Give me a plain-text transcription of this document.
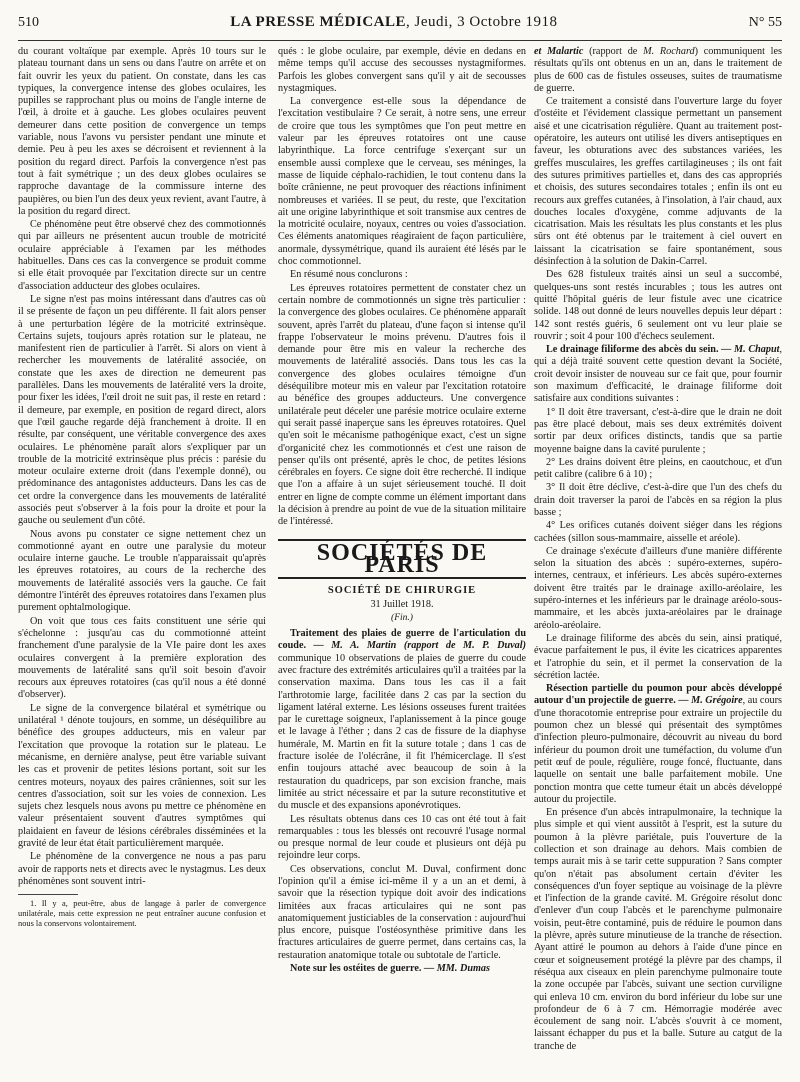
510	LA PRESSE MÉDICALE, Jeudi, 3 Octobre 1918	N° 55

du courant voltaïque par exemple. Après 10 tours sur le plateau tournant dans un sens ou dans l'autre on arrête et on fait ouvrir les yeux du patient. On constate, dans les cas typiques, la convergence intense des globes oculaires, les pupilles se rapprochant plus ou moins de l'angle interne de l'œil, à droite et à gauche. Les globes oculaires peuvent demeurer dans cette position de convergence un temps variable, nous l'avons vu persister pendant une minute et demie. Peu à peu les axes se décroisent et reviennent à la position du regard direct. Parfois la convergence n'est pas tout à fait symétrique ; un des deux globes oculaires se rapproche davantage de la commissure interne des paupières, ou bien l'un des deux yeux revient, avant l'autre, à la position du regard direct.

Ce phénomène peut être observé chez des commotionnés qui par ailleurs ne présentent aucun trouble de motricité oculaire appréciable à l'examen par les méthodes habituelles. Dans ces cas la convergence se produit comme si elle était provoquée par l'excitation directe sur un centre d'association adducteur des globes oculaires.

Le signe n'est pas moins intéressant dans d'autres cas où il se présente de façon un peu différente. Il fait alors penser à une perturbation légère de la motricité extrinsèque. Certains sujets, toujours après rotation sur le plateau, ne manifestent rien de particulier à l'arrêt. Si alors on vient à rechercher les mouvements de latéralité associée, on constate que les axes de direction ne demeurent pas parallèles. Dans les mouvements de latéralité vers la droite, pour fixer les idées, l'œil droit ne suit pas, il reste en retard : il demeure, par exemple, en position de regard direct, alors que l'œil gauche regarde déjà franchement à droite. Il en résulte, par conséquent, une véritable convergence des axes oculaires. Le phénomène paraît alors s'expliquer par un trouble de la motricité extrinsèque plus précis : parésie du moteur oculaire externe droit (dans l'exemple donné), ou prédominance des antagonistes adducteurs. Dans les cas de cet ordre la convergence dans les mouvements de latéralité associés peut s'observer à la fois pour la droite et pour la gauche ou seulement d'un côté.

Nous avons pu constater ce signe nettement chez un commotionné ayant en outre une paralysie du moteur oculaire interne gauche. Le trouble n'apparaissait qu'après les épreuves rotatoires, au cours de la recherche des mouvements de latéralité associés vers la gauche. Ce fait démontre l'intérêt des épreuves rotatoires dans l'examen plus purement ophtalmologique.

On voit que tous ces faits constituent une série qui s'échelonne : jusqu'au cas du commotionné atteint franchement d'une paralysie de la VIe paire dont les axes oculaires convergent à la première exploration des mouvements de latéralité sans qu'il soit besoin d'avoir recours aux épreuves rotatoires (cas qu'il nous a été donné d'observer).

Le signe de la convergence bilatéral et symétrique ou unilatéral ¹ dénote toujours, en somme, un déséquilibre au bénéfice des groupes adducteurs, mis en valeur par l'excitation que provoque la rotation sur le plateau. Le mécanisme, en dernière analyse, peut être variable suivant les cas et provenir de petites lésions portant, soit sur les centres moteurs, noyaux des paires crâniennes, soit sur les centres d'association, soit sur les voies de connexion. Les sujets chez lesquels nous avons pu mettre ce phénomène en valeur présentaient souvent d'autres symptômes qui plaidaient en faveur de lésions cérébrales disséminées et la gravité de leur état était particulièrement marquée.

Le phénomène de la convergence ne nous a pas paru avoir de rapports nets et directs avec le nystagmus. Les deux phénomènes sont souvent intri-

1. Il y a, peut-être, abus de langage à parler de convergence unilatérale, mais cette expression ne peut entraîner aucune confusion et nous la conservons volontairement.

qués : le globe oculaire, par exemple, dévie en dedans en même temps qu'il accuse des secousses nystagmiformes. Parfois les globes convergent sans qu'il y ait de secousses nystagmiques.

La convergence est-elle sous la dépendance de l'excitation vestibulaire ? Ce serait, à notre sens, une erreur de croire que tous les symptômes que l'on peut mettre en valeur par les épreuves rotatoires ont une cause labyrinthique. La force centrifuge s'exerçant sur un ensemble aussi complexe que le cerveau, ses méninges, la masse de liquide céphalo-rachidien, le tout contenu dans la boîte crânienne, ne peut provoquer des réactions infiniment nombreuses et variées. Il se peut, du reste, que l'excitation ait une origine labyrinthique et soit transmise aux centres de la motricité oculaire, noyaux, centres ou voies d'association. Ces éléments anatomiques réagiraient de façon particulière, anormale, dyssymétrique, quand ils auraient été lésés par le choc commotionnel.

En résumé nous conclurons :

Les épreuves rotatoires permettent de constater chez un certain nombre de commotionnés un signe très particulier : la convergence des globes oculaires. Ce phénomène apparaît souvent, après l'arrêt du plateau, d'une façon si intense qu'il frappe l'observateur le moins prévenu. D'autres fois il demande pour être mis en valeur la recherche des mouvements de latéralité associés. Dans tous les cas la convergence des globes oculaires témoigne d'un déséquilibre moteur mis en valeur par l'excitation rotatoire au bénéfice des groupes adducteurs. Une convergence unilatérale peut déceler une parésie motrice oculaire externe qui serait passé inaperçue sans les épreuves rotatoires. Quel qu'en soit le mécanisme pathogénique exact, c'est un signe d'organicité chez les commotionnés et c'est une raison de penser qu'ils ont présenté, après le choc, de petites lésions cérébrales en foyers. Ce signe doit être recherché. Il indique que l'on a affaire à un sujet sérieusement touché. Il doit entrer en ligne de compte comme un élément important dans la décision à prendre au point de vue de la situation militaire de l'intéressé.

SOCIÉTÉS DE PARIS
SOCIÉTÉ DE CHIRURGIE
31 Juillet 1918.
(Fin.)

Traitement des plaies de guerre de l'articulation du coude. — M. A. Martin (rapport de M. P. Duval) communique 10 observations de plaies de guerre du coude avec fracture des extrémités articulaires qu'il a traitées par la conservation maxima. Dans tous les cas il a fait l'arthrotomie large, facilitée dans 2 cas par la section du ligament latéral externe. Les lésions osseuses furent traitées par le curettage soigneux, l'aplanissement à la pince gouge et le lavage à l'éther ; dans 2 cas de fissure de la diaphyse humérale, M. Martin en fit la suture totale ; dans 1 cas de fracture isolée de l'olécrâne, il fit l'hémicerclage. Il s'est enfin toujours attaché avec beaucoup de soin à la restauration du quadriceps, par son excision franche, mais limitée au strict nécessaire et par la suture reconstitutive et du muscle et des expansions aponévrotiques.

Les résultats obtenus dans ces 10 cas ont été tout à fait remarquables : tous les blessés ont recouvré l'usage normal ou presque normal de leur coude et plusieurs ont déjà pu rejoindre leur corps.

Ces observations, conclut M. Duval, confirment donc l'opinion qu'il a émise ici-même il y a un an et demi, à savoir que la résection typique doit avoir des indications limitées aux fracas articulaires qui ne sont pas anatomiquement justiciables de la conservation : aujourd'hui plus encore, puisque l'ostéosynthèse primitive dans les fractures articulaires de guerre permet, dans certains cas, la restauration anatomique totale ou subtotale de l'article.

Note sur les ostéites de guerre. — MM. Dumas

et Malartic (rapport de M. Rochard) communiquent les résultats qu'ils ont obtenus en un an, dans le traitement de plus de 600 cas de fistules osseuses, suites de traumatisme de guerre.

Ce traitement a consisté dans l'ouverture large du foyer d'ostéite et l'évidement classique permettant un pansement aisé et une cicatrisation régulière. Quant au traitement post-opératoire, les auteurs ont utilisé les divers antiseptiques en faveur, les obturations avec des substances variées, les greffes musculaires, les greffes cartilagineuses ; ils ont fait des sutures primitives partielles et, dans des cas appropriés et choisis, des sutures secondaires totales ; enfin ils ont eu recours aux greffes cutanées, à l'insolation, à l'air chaud, aux douches locales d'oxygène, comme adjuvants de la cicatrisation. Mais les résultats les plus constants et les plus sûrs ont été obtenus par le traitement à ciel ouvert en laissant la cicatrisation se faire spontanément, sous désinfection à la solution de Dakin-Carrel.

Des 628 fistuleux traités ainsi un seul a succombé, quelques-uns sont restés incurables ; tous les autres ont quitté l'hôpital guéris de leur fistule avec une cicatrice solide. 148 out donné de leurs nouvelles depuis leur départ : 142 sont restés guéris, 6 seulement ont vu leur plaie se rouvrir ; soit 4 pour 100 d'échecs seulement.

Le drainage filiforme des abcès du sein. — M. Chaput, qui a déjà traité souvent cette question devant la Société, croit devoir insister de nouveau sur ce fait que, pour fournir son maximum d'efficacité, le drainage filiforme doit satisfaire aux conditions suivantes :

1° Il doit être traversant, c'est-à-dire que le drain ne doit pas être placé debout, mais ses deux extrémités doivent sortir par deux orifices distincts, tandis que sa partie moyenne baigne dans la cavité purulente ;

2° Les drains doivent être pleins, en caoutchouc, et d'un petit calibre (calibre 6 à 10) ;

3° Il doit être déclive, c'est-à-dire que l'un des chefs du drain doit traverser la paroi de l'abcès en sa région la plus basse ;

4° Les orifices cutanés doivent siéger dans les régions cachées (sillon sous-mammaire, aisselle et aréole).

Ce drainage s'exécute d'ailleurs d'une manière différente selon la situation des abcès : supéro-externes, supéro-internes, centraux, et inférieurs. Les abcès supéro-externes doivent être traités par le drainage axillo-aréolaire, les supéro-internes et les inférieurs par le drainage aréolo-sous-mammaire, et les abcès juxta-aréolaires par le drainage aréolo-aréolaire.

Le drainage filiforme des abcès du sein, ainsi pratiqué, évacue parfaitement le pus, il évite les cicatrices apparentes et l'atrophie du sein, et il permet la conservation de la sécrétion lactée.

Résection partielle du poumon pour abcès développé autour d'un projectile de guerre. — M. Grégoire, au cours d'une thoracotomie entreprise pour extraire un projectile du poumon chez un blessé qui présentait des symptômes d'infection pleuro-pulmonaire, découvrit au niveau du bord inférieur du poumon droit une tuméfaction, du volume d'un petit œuf de poule, régulière, rouge foncé, fluctuante, dans laquelle on sentait une balle parfaitement mobile. Une ponction montra que cette tumeur était un abcès développé autour du projectile.

En présence d'un abcès intrapulmonaire, la technique la plus simple et qui vient aussitôt à l'esprit, est la suture du poumon à la plèvre pariétale, puis l'ouverture de la collection et son drainage au dehors. Mais combien de temps aurait mis à se tarir cette suppuration ? Sans compter qu'on n'était pas absolument certain d'éviter les conséquences d'un foyer septique au voisinage de la plèvre et l'infection de la grande cavité. M. Grégoire résolut donc d'enlever d'un coup l'abcès et le parenchyme pulmonaire voisin, peut-être contaminé, puis de réduire le poumon dans la plèvre, après suture minutieuse de la tranche de résection. Ayant attiré le poumon au dehors à l'aide d'une pince en cœur et soigneusement protégé la plèvre par des champs, il réséqua aux ciseaux en plein parenchyme pulmonaire toute la zone occupée par l'abcès, suivant une section curviligne qui enleva 10 cm. environ du bord inférieur du lobe sur une profondeur de 6 à 7 cm. Hémorragie modérée avec écoulement de sang noir. L'abcès s'ouvrit à ce moment, laissant échapper du pus et la balle. Suture au catgut de la tranche de
